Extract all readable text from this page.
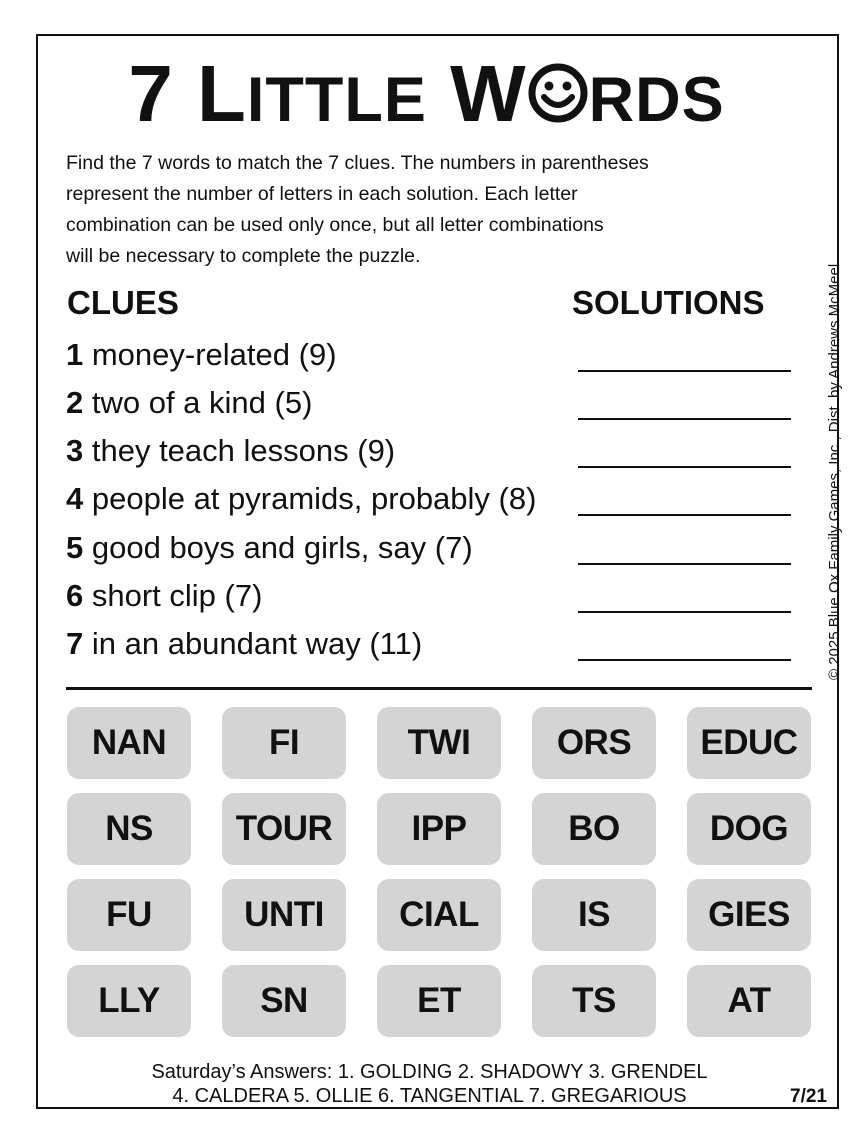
7 LITTLE W RDS

Find the 7 words to match the 7 clues. The numbers in parentheses

represent the number of letters in each solution. Each letter

combination can be used only once, but all letter combinations

will be necessary to complete the puzzle.

© 2025 Blue Ox Family Games, Inc., Dist. by Andrews McMeel
CLUES	SOLUTIONS
1 money-related (9)
2 two of a kind (5)
3 they teach lessons (9)
4 people at pyramids, probably (8)
5 good boys and girls, say (7)
6 short clip (7)
7 in an abundant way (11)
NAN	FI	TWI	ORS	EDUC
NS	TOUR	IPP	BO	DOG
FU	UNTI	CIAL	IS	GIES
LLY	SN	ET	TS	AT

Saturday’s Answers: 1. GOLDING 2. SHADOWY 3. GRENDEL

4. CALDERA 5. OLLIE 6. TANGENTIAL 7. GREGARIOUS	7/21
